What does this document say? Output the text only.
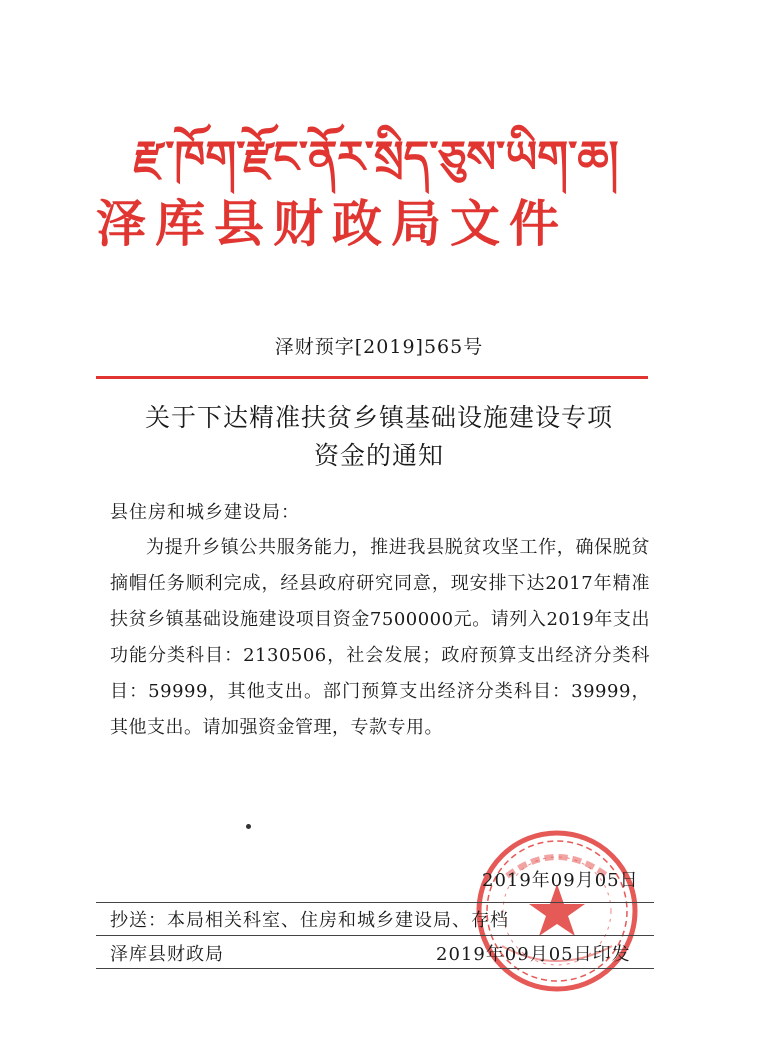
རྫ་ཁོག་རྫོང་ནོར་སྲིད་ཅུས་ཡིག་ཆ།
泽库县财政局文件
泽财预字[2019]565号
关于下达精准扶贫乡镇基础设施建设专项
资金的通知
县住房和城乡建设局：
为提升乡镇公共服务能力，推进我县脱贫攻坚工作，确保脱贫摘帽任务顺利完成，经县政府研究同意，现安排下达2017年精准扶贫乡镇基础设施建设项目资金7500000元。请列入2019年支出功能分类科目：2130506，社会发展；政府预算支出经济分类科目：59999，其他支出。部门预算支出经济分类科目：39999，其他支出。请加强资金管理，专款专用。
2019年09月05日
抄送：本局相关科室、住房和城乡建设局、存档
泽库县财政局	2019年09月05日印发
